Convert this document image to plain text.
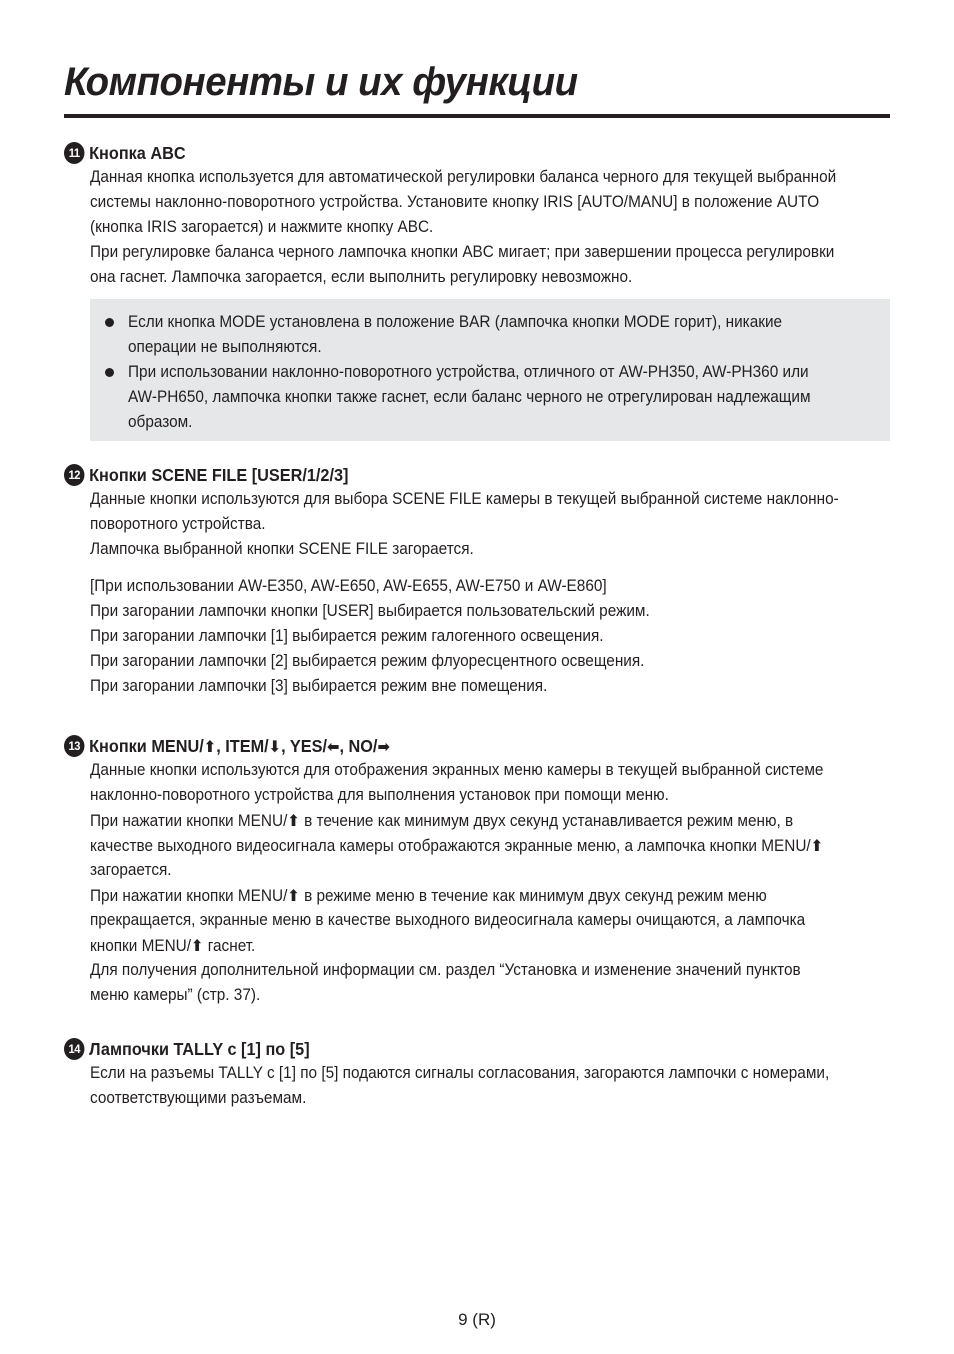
Компоненты и их функции
11 Кнопка ABC
Данная кнопка используется для автоматической регулировки баланса черного для текущей выбранной
системы наклонно-поворотного устройства. Установите кнопку IRIS [AUTO/MANU] в положение AUTO
(кнопка IRIS загорается) и нажмите кнопку ABC.
При регулировке баланса черного лампочка кнопки ABC мигает; при завершении процесса регулировки
она гаснет. Лампочка загорается, если выполнить регулировку невозможно.
Если кнопка MODE установлена в положение BAR (лампочка кнопки MODE горит), никакие
операции не выполняются.
При использовании наклонно-поворотного устройства, отличного от AW-PH350, AW-PH360 или
AW-PH650, лампочка кнопки также гаснет, если баланс черного не отрегулирован надлежащим
образом.
12 Кнопки SCENE FILE [USER/1/2/3]
Данные кнопки используются для выбора SCENE FILE камеры в текущей выбранной системе наклонно-
поворотного устройства.
Лампочка выбранной кнопки SCENE FILE загорается.
[При использовании AW-E350, AW-E650, AW-E655, AW-E750 и AW-E860]
При загорании лампочки кнопки [USER] выбирается пользовательский режим.
При загорании лампочки [1] выбирается режим галогенного освещения.
При загорании лампочки [2] выбирается режим флуоресцентного освещения.
При загорании лампочки [3] выбирается режим вне помещения.
13 Кнопки MENU/ ⬆ , ITEM/ ⬇ , YES/ ⬅ , NO/ ➡
Данные кнопки используются для отображения экранных меню камеры в текущей выбранной системе
наклонно-поворотного устройства для выполнения установок при помощи меню.
При нажатии кнопки MENU/⬆ в течение как минимум двух секунд устанавливается режим меню, в
качестве выходного видеосигнала камеры отображаются экранные меню, а лампочка кнопки MENU/⬆
загорается.
При нажатии кнопки MENU/⬆ в режиме меню в течение как минимум двух секунд режим меню
прекращается, экранные меню в качестве выходного видеосигнала камеры очищаются, а лампочка
кнопки MENU/⬆ гаснет.
Для получения дополнительной информации см. раздел “Установка и изменение значений пунктов
меню камеры” (стр. 37).
14 Лампочки TALLY с [1] по [5]
Если на разъемы TALLY с [1] по [5] подаются сигналы согласования, загораются лампочки с номерами,
соответствующими разъемам.
9 (R)
